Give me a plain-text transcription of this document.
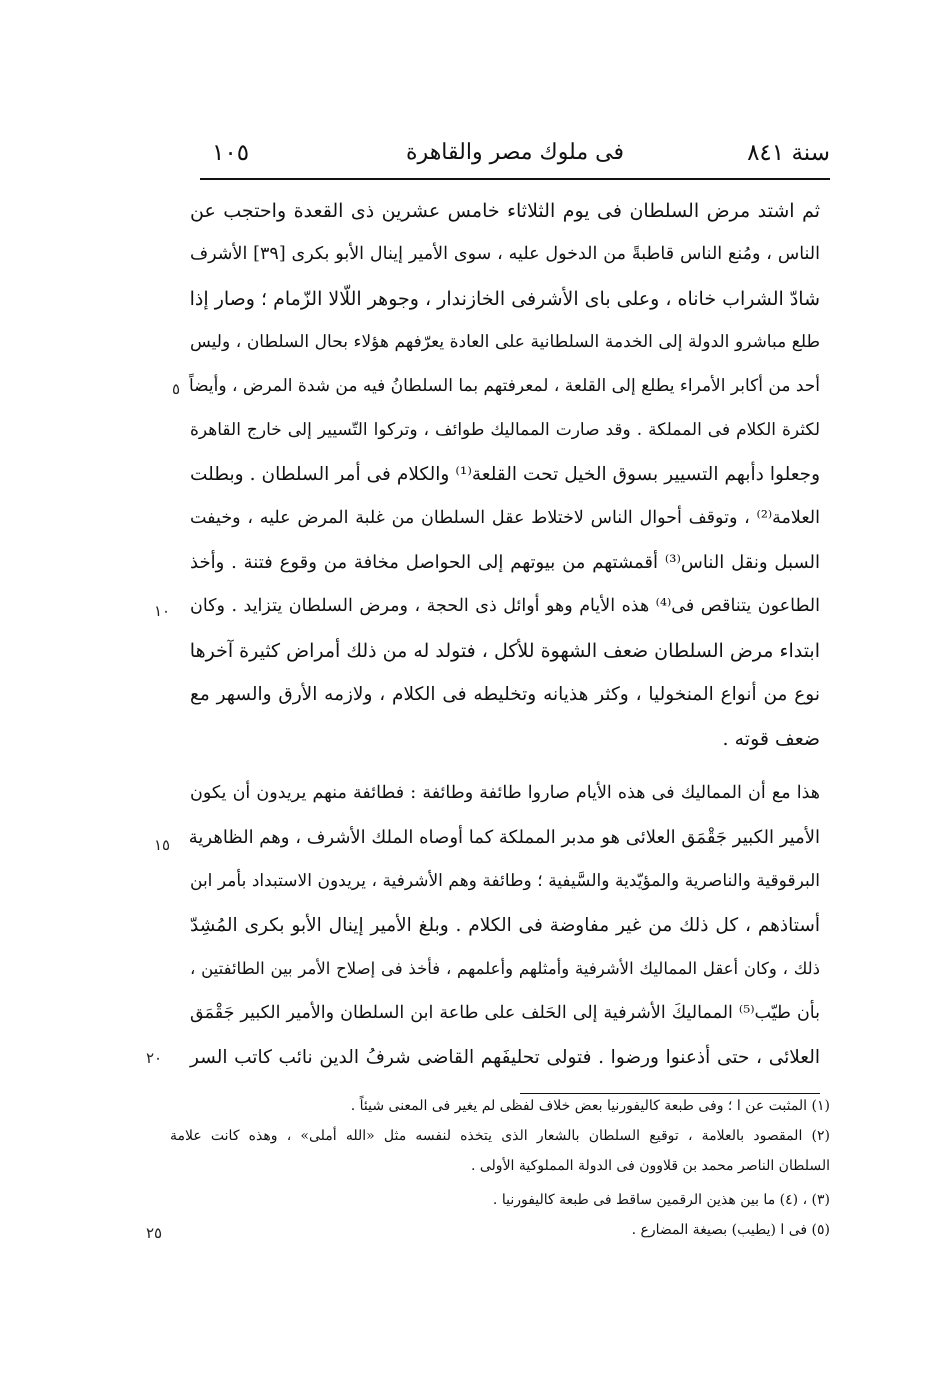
سنة ٨٤١
فى ملوك مصر والقاهرة
١٠٥
ثم اشتد مرض السلطان فى يوم الثلاثاء خامس عشرين ذى القعدة واحتجب عن
الناس ، ومُنع الناس قاطبةً من الدخول عليه ، سوى الأمير إينال الأبو بكرى [٣٩] الأشرف
شادّ الشراب خاناه ، وعلى باى الأشرفى الخازندار ، وجوهر اللّالا الزّمام ؛ وصار إذا
طلع مباشرو الدولة إلى الخدمة السلطانية على العادة يعرّفهم هؤلاء بحال السلطان ، وليس
أحد من أكابر الأمراء يطلع إلى القلعة ، لمعرفتهم بما السلطانُ فيه من شدة المرض ، وأيضاً
لكثرة الكلام فى المملكة . وقد صارت المماليك طوائف ، وتركوا التّسيير إلى خارج القاهرة
وجعلوا دأبهم التسيير بسوق الخيل تحت القلعة⁽¹⁾ والكلام فى أمر السلطان . وبطلت
العلامة⁽²⁾ ، وتوقف أحوال الناس لاختلاط عقل السلطان من غلبة المرض عليه ، وخيفت
السبل ونقل الناس⁽³⁾ أقمشتهم من بيوتهم إلى الحواصل مخافة من وقوع فتنة . وأخذ
الطاعون يتناقص فى⁽⁴⁾ هذه الأيام وهو أوائل ذى الحجة ، ومرض السلطان يتزايد . وكان
ابتداء مرض السلطان ضعف الشهوة للأكل ، فتولد له من ذلك أمراض كثيرة آخرها
نوع من أنواع المنخوليا ، وكثر هذيانه وتخليطه فى الكلام ، ولازمه الأرق والسهر مع
ضعف قوته .
هذا مع أن المماليك فى هذه الأيام صاروا طائفة وطائفة : فطائفة منهم يريدون أن يكون
الأمير الكبير جَقْمَق العلائى هو مدبر المملكة كما أوصاه الملك الأشرف ، وهم الظاهرية
البرقوقية والناصرية والمؤيّدية والسَّيفية ؛ وطائفة وهم الأشرفية ، يريدون الاستبداد بأمر ابن
أستاذهم ، كل ذلك من غير مفاوضة فى الكلام . وبلغ الأمير إينال الأبو بكرى المُشِدّ
ذلك ، وكان أعقل المماليك الأشرفية وأمثلهم وأعلمهم ، فأخذ فى إصلاح الأمر بين الطائفتين ،
بأن طيّب⁽⁵⁾ المماليكَ الأشرفية إلى الحَلف على طاعة ابن السلطان والأمير الكبير جَقْمَق
العلائى ، حتى أذعنوا ورضوا . فتولى تحليفَهم القاضى شرفُ الدين نائب كاتب السر
٥
١٠
١٥
٢٠
٢٥
(١) المثبت عن ا ؛ وفى طبعة كاليفورنيا بعض خلاف لفظى لم يغير فى المعنى شيئاً .
(٢) المقصود بالعلامة ، توقيع السلطان بالشعار الذى يتخذه لنفسه مثل «الله أملى» ، وهذه كانت علامة
السلطان الناصر محمد بن قلاوون فى الدولة المملوكية الأولى .
(٣) ، (٤) ما بين هذين الرقمين ساقط فى طبعة كاليفورنيا .
(٥) فى ا (يطيب) بصيغة المضارع .
